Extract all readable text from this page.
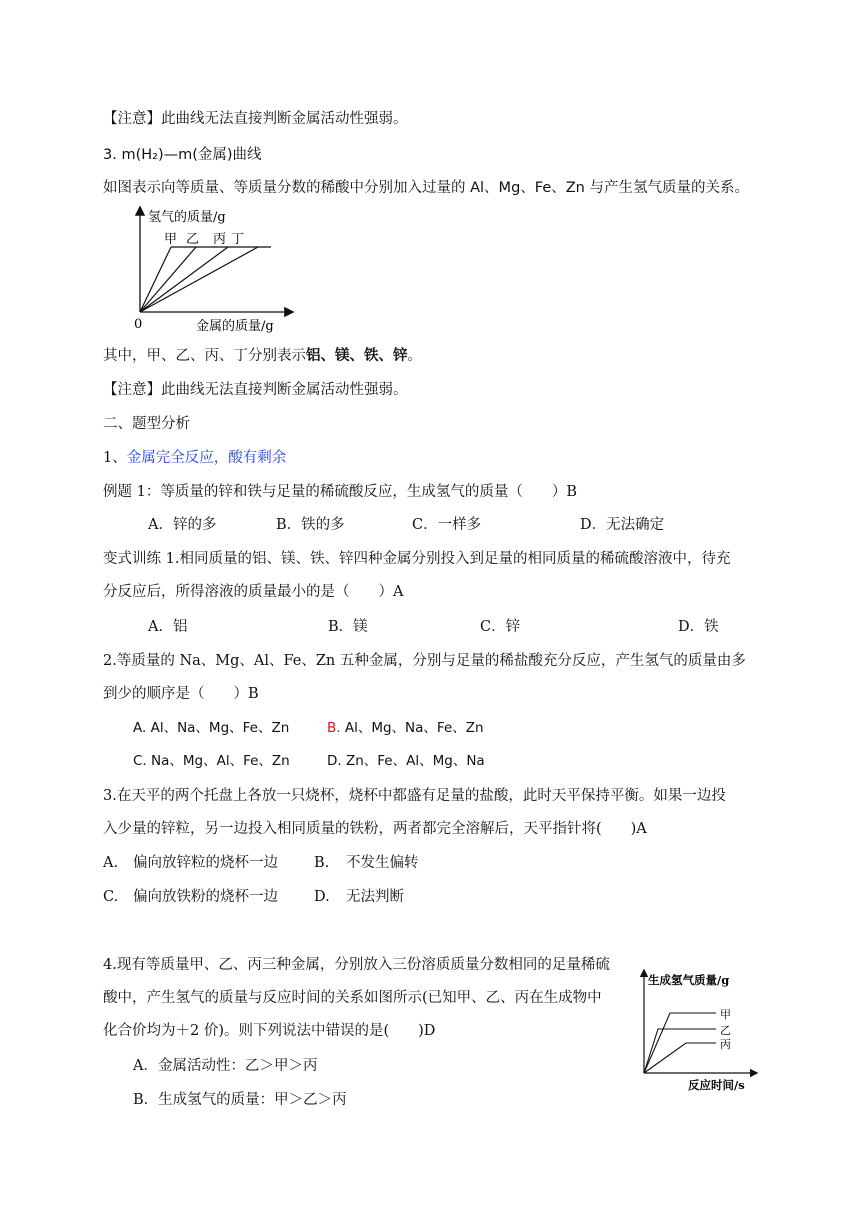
【注意】此曲线无法直接判断金属活动性强弱。
3. m(H₂)—m(金属)曲线
如图表示向等质量、等质量分数的稀酸中分别加入过量的 Al、Mg、Fe、Zn 与产生氢气质量的关系。
氢气的质量/g
0	金属的质量/g
甲 乙 丙 丁
其中，甲、乙、丙、丁分别表示铝、镁、铁、锌。
【注意】此曲线无法直接判断金属活动性强弱。
二、题型分析
1、金属完全反应，酸有剩余
例题 1：等质量的锌和铁与足量的稀硫酸反应，生成氢气的质量（　　）B
A．锌的多	B．铁的多	C．一样多	D．无法确定
变式训练 1.相同质量的铝、镁、铁、锌四种金属分别投入到足量的相同质量的稀硫酸溶液中，待充
分反应后，所得溶液的质量最小的是（　　）A
A．铝	B．镁	C．锌	D．铁
2.等质量的 Na、Mg、Al、Fe、Zn 五种金属，分别与足量的稀盐酸充分反应，产生氢气的质量由多
到少的顺序是（　　）B
A. Al、Na、Mg、Fe、Zn	B. Al、Mg、Na、Fe、Zn
C. Na、Mg、Al、Fe、Zn	D. Zn、Fe、Al、Mg、Na
3.在天平的两个托盘上各放一只烧杯，烧杯中都盛有足量的盐酸，此时天平保持平衡。如果一边投
入少量的锌粒，另一边投入相同质量的铁粉，两者都完全溶解后，天平指针将(　　)A
A. 偏向放锌粒的烧杯一边 B. 不发生偏转
C. 偏向放铁粉的烧杯一边 D. 无法判断
4.现有等质量甲、乙、丙三种金属，分别放入三份溶质质量分数相同的足量稀硫
酸中，产生氢气的质量与反应时间的关系如图所示(已知甲、乙、丙在生成物中
化合价均为＋2 价)。则下列说法中错误的是(　　)D
A．金属活动性：乙＞甲＞丙
B．生成氢气的质量：甲＞乙＞丙
生成氢气质量/g
反应时间/s
甲
乙
丙
